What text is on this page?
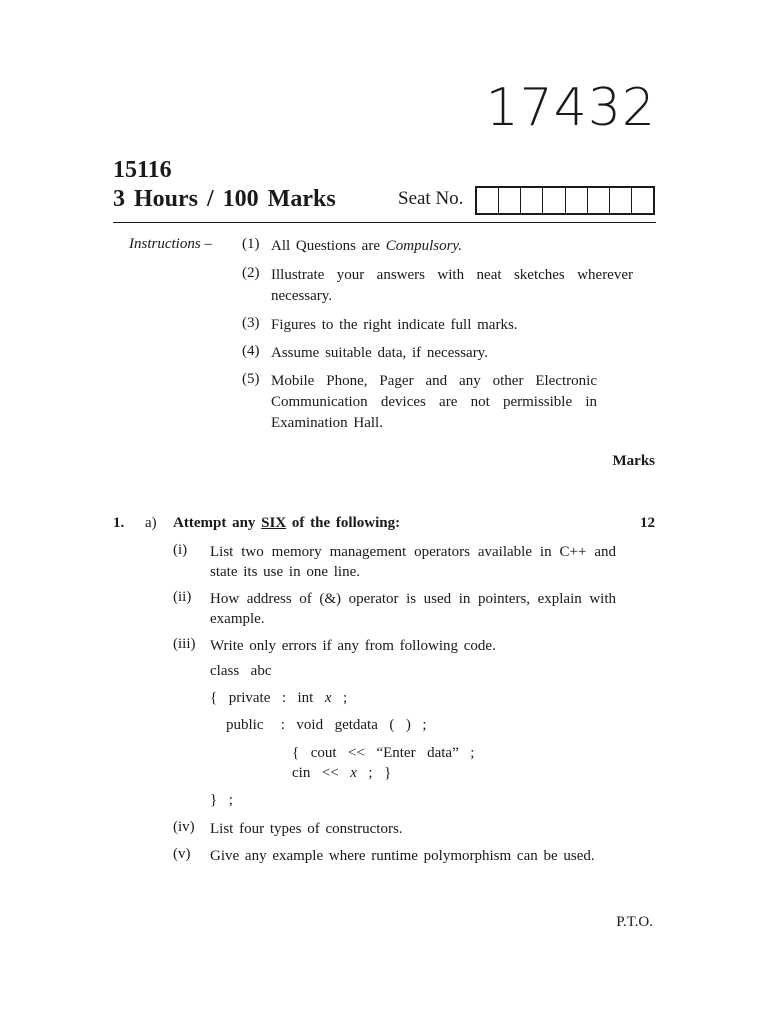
17432
15116
3 Hours / 100 Marks	Seat No.
Instructions – (1) All Questions are Compulsory.
(2) Illustrate your answers with neat sketches wherever necessary.
(3) Figures to the right indicate full marks.
(4) Assume suitable data, if necessary.
(5) Mobile Phone, Pager and any other Electronic Communication devices are not permissible in Examination Hall.
Marks
1. a) Attempt any SIX of the following:	12
(i) List two memory management operators available in C++ and state its use in one line.
(ii) How address of (&) operator is used in pointers, explain with example.
(iii) Write only errors if any from following code.
class  abc
{  private  :  int  x  ;
public   :  void  getdata  (  )  ;
{  cout  <<  “Enter  data”  ;
cin  <<  x  ;  }
}  ;
(iv) List four types of constructors.
(v) Give any example where runtime polymorphism can be used.
P.T.O.
